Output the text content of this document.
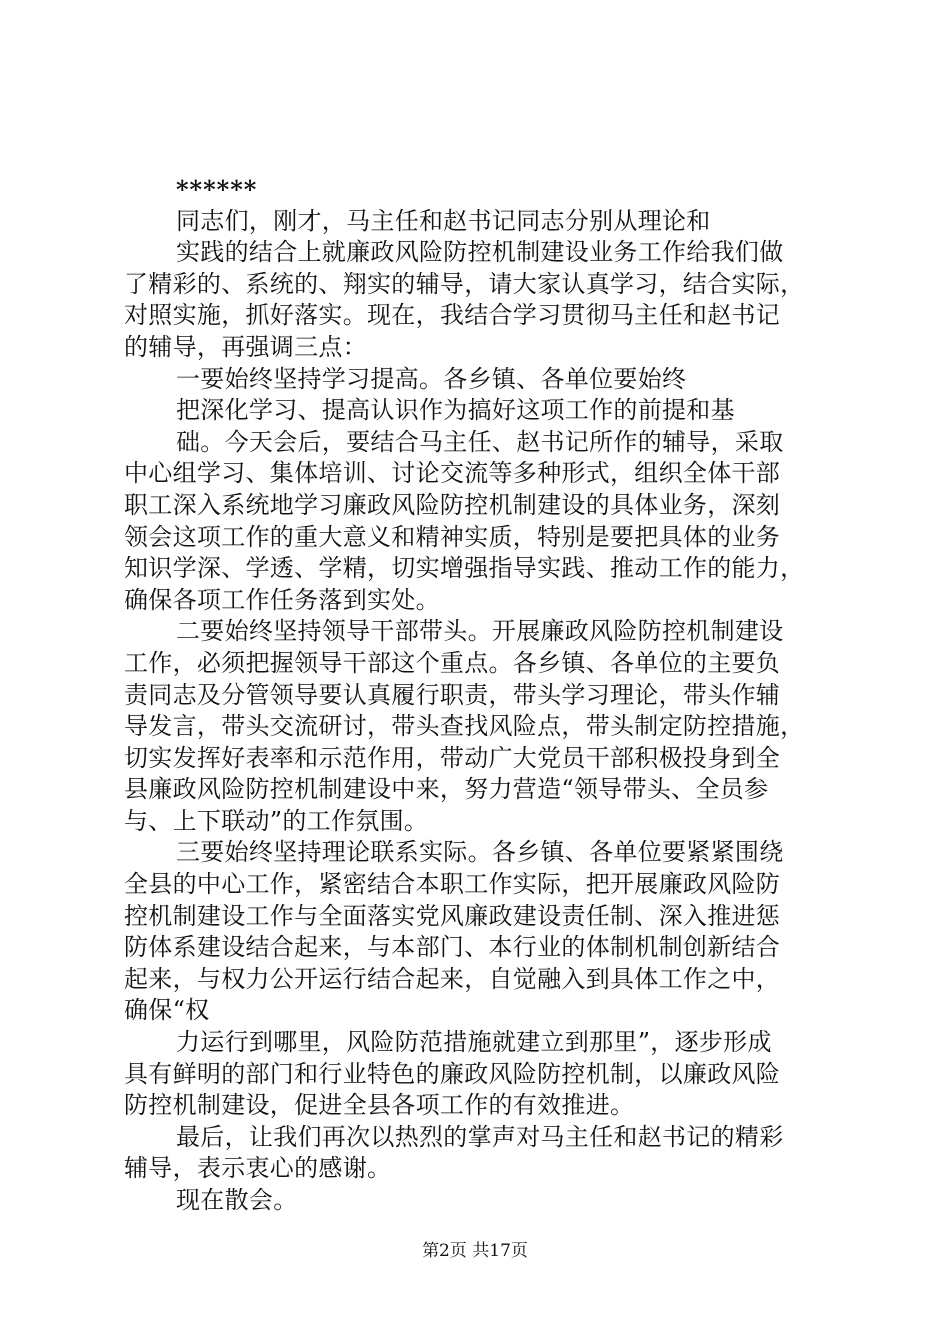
******
同志们，刚才，马主任和赵书记同志分别从理论和
实践的结合上就廉政风险防控机制建设业务工作给我们做
了精彩的、系统的、翔实的辅导，请大家认真学习，结合实际，
对照实施，抓好落实。现在，我结合学习贯彻马主任和赵书记
的辅导，再强调三点：
一要始终坚持学习提高。各乡镇、各单位要始终
把深化学习、提高认识作为搞好这项工作的前提和基
础。今天会后，要结合马主任、赵书记所作的辅导，采取
中心组学习、集体培训、讨论交流等多种形式，组织全体干部
职工深入系统地学习廉政风险防控机制建设的具体业务，深刻
领会这项工作的重大意义和精神实质，特别是要把具体的业务
知识学深、学透、学精，切实增强指导实践、推动工作的能力，
确保各项工作任务落到实处。
二要始终坚持领导干部带头。开展廉政风险防控机制建设
工作，必须把握领导干部这个重点。各乡镇、各单位的主要负
责同志及分管领导要认真履行职责，带头学习理论，带头作辅
导发言，带头交流研讨，带头查找风险点，带头制定防控措施，
切实发挥好表率和示范作用，带动广大党员干部积极投身到全
县廉政风险防控机制建设中来，努力营造“领导带头、全员参
与、上下联动”的工作氛围。
三要始终坚持理论联系实际。各乡镇、各单位要紧紧围绕
全县的中心工作，紧密结合本职工作实际，把开展廉政风险防
控机制建设工作与全面落实党风廉政建设责任制、深入推进惩
防体系建设结合起来，与本部门、本行业的体制机制创新结合
起来，与权力公开运行结合起来，自觉融入到具体工作之中，
确保“权
力运行到哪里，风险防范措施就建立到那里”，逐步形成
具有鲜明的部门和行业特色的廉政风险防控机制，以廉政风险
防控机制建设，促进全县各项工作的有效推进。
最后，让我们再次以热烈的掌声对马主任和赵书记的精彩
辅导，表示衷心的感谢。
现在散会。
第2页 共17页
